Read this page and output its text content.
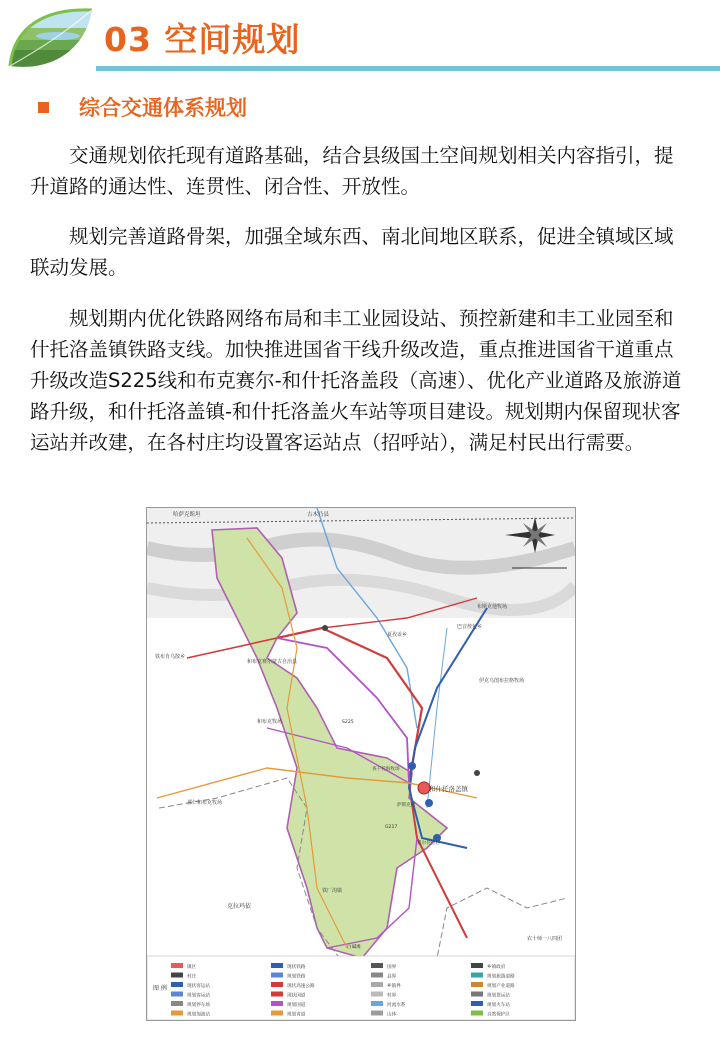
03 空间规划
综合交通体系规划
交通规划依托现有道路基础，结合县级国土空间规划相关内容指引，提升道路的通达性、连贯性、闭合性、开放性。
规划完善道路骨架，加强全域东西、南北间地区联系，促进全镇域区域联动发展。
规划期内优化铁路网络布局和丰工业园设站、预控新建和丰工业园至和什托洛盖镇铁路支线。加快推进国省干线升级改造，重点推进国省干道重点升级改造S225线和布克赛尔-和什托洛盖段（高速）、优化产业道路及旅游道路升级，和什托洛盖镇-和什托洛盖火车站等项目建设。规划期内保留现状客运站并改建，在各村庄均设置客运站点（招呼站），满足村民出行需要。
哈萨克斯坦	吉木乃县
布斯克他牧场
巴音敖包乡
铁布肯乌散乡
和布克赛尔蒙古自治县
伊克乌图布拉格牧场
夏孜盖乡
和什托洛盖镇
查干托海牧场
和布克牧场
夏尔托热村
萨斯克村
铁厂沟镇
那仁和布克牧场
克拉玛依
白碱滩
农十师一八四团
G217
S225
图 例
镇区
村庄
现状客运站
规划客运站
规划停车场
规划加油站
现状铁路
规划铁路
现状高速公路
现状国道
规划国道
规划省道
国界
县界
乡镇界
村界
河流水系
山体
乡镇政府
规划旅游道路
规划产业道路
规划货运站
规划火车站
自然保护区
